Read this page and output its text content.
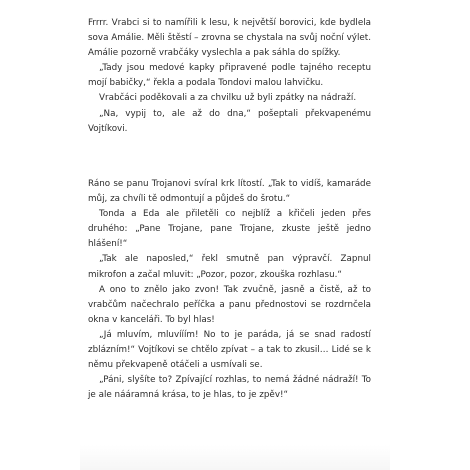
Frrrr. Vrabci si to namířili k lesu, k největší borovici, kde bydlela sova Amálie. Měli štěstí – zrovna se chystala na svůj noční výlet. Amálie pozorně vrabčáky vyslechla a pak sáhla do spížky.

„Tady jsou medové kapky připravené podle tajného receptu mojí babičky,“ řekla a podala Tondovi malou lahvičku.

Vrabčáci poděkovali a za chvilku už byli zpátky na nádraží.

„Na, vypij to, ale až do dna,“ pošeptali překvapenému Vojtíkovi.

Ráno se panu Trojanovi svíral krk lítostí. „Tak to vidíš, kamaráde můj, za chvíli tě odmontují a půjdeš do šrotu.“

Tonda a Eda ale přiletěli co nejblíž a křičeli jeden přes druhého: „Pane Trojane, pane Trojane, zkuste ještě jedno hlášení!“

„Tak ale naposled,“ řekl smutně pan výpravčí. Zapnul mikrofon a začal mluvit: „Pozor, pozor, zkouška rozhlasu.“

A ono to znělo jako zvon! Tak zvučně, jasně a čistě, až to vrabčům načechralo peříčka a panu přednostovi se rozdrnčela okna v kanceláři. To byl hlas!

„Já mluvím, mluvííím! No to je paráda, já se snad radostí zblázním!“ Vojtíkovi se chtělo zpívat – a tak to zkusil… Lidé se k němu překvapeně otáčeli a usmívali se.

„Páni, slyšíte to? Zpívající rozhlas, to nemá žádné nádraží! To je ale nááramná krása, to je hlas, to je zpěv!“
